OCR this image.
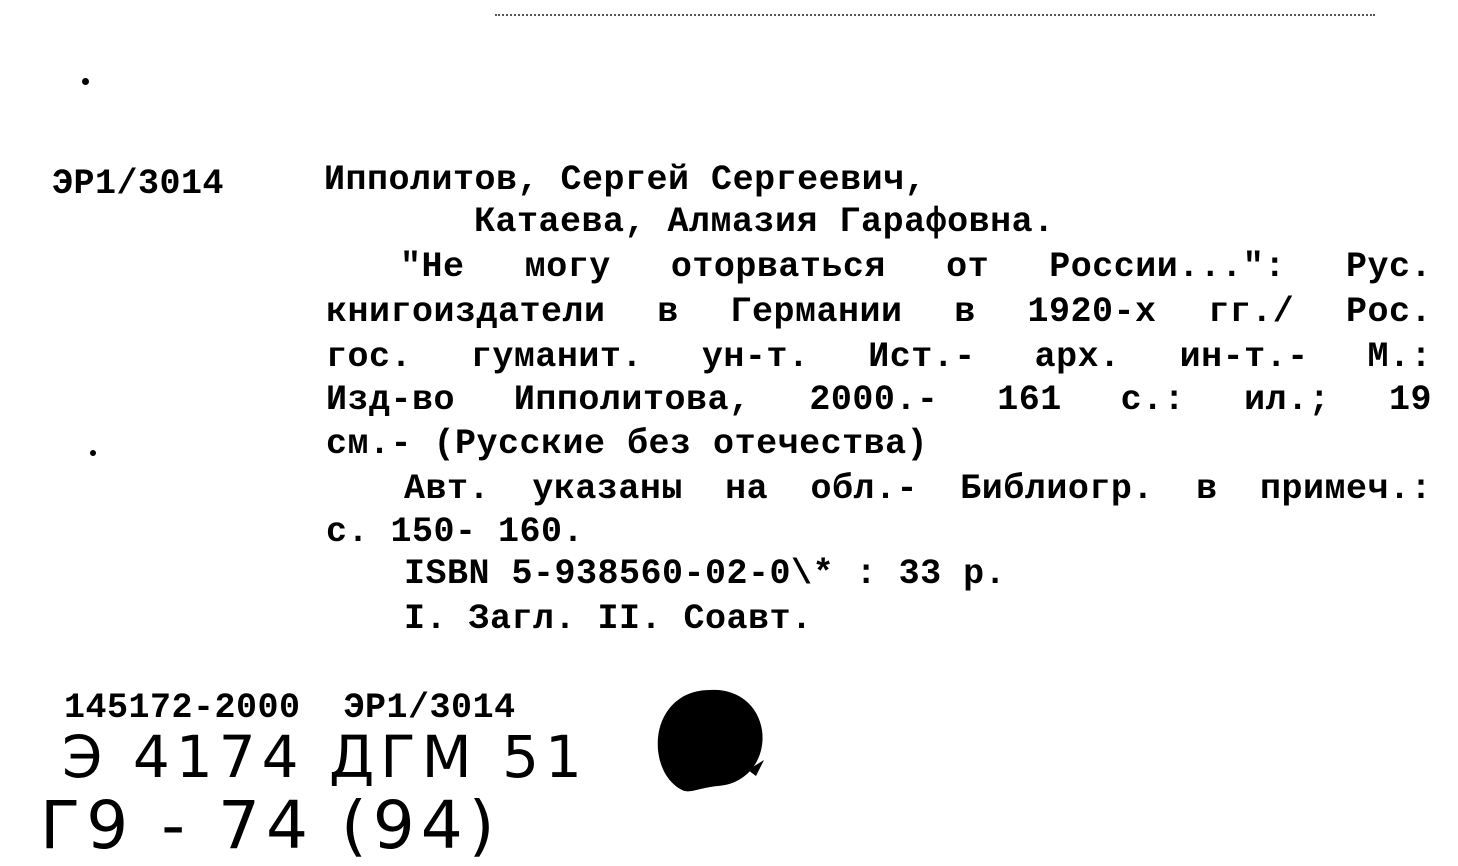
ЭР1/3014	Ипполитов, Сергей Сергеевич,
Катаева, Алмазия Гарафовна.
"Не могу оторваться от России...": Рус.
книгоиздатели в Германии в 1920-х гг./ Рос.
гос. гуманит. ун-т. Ист.- арх. ин-т.- М.:
Изд-во Ипполитова, 2000.- 161 с.: ил.; 19
см.- (Русские без отечества)
Авт. указаны на обл.- Библиогр. в примеч.:
с. 150- 160.
ISBN 5-938560-02-0\* : 33 р.
I. Загл. II. Соавт.
145172-2000  ЭР1/3014
Э 4174 ДГМ 51
Г9 - 74 (94)
